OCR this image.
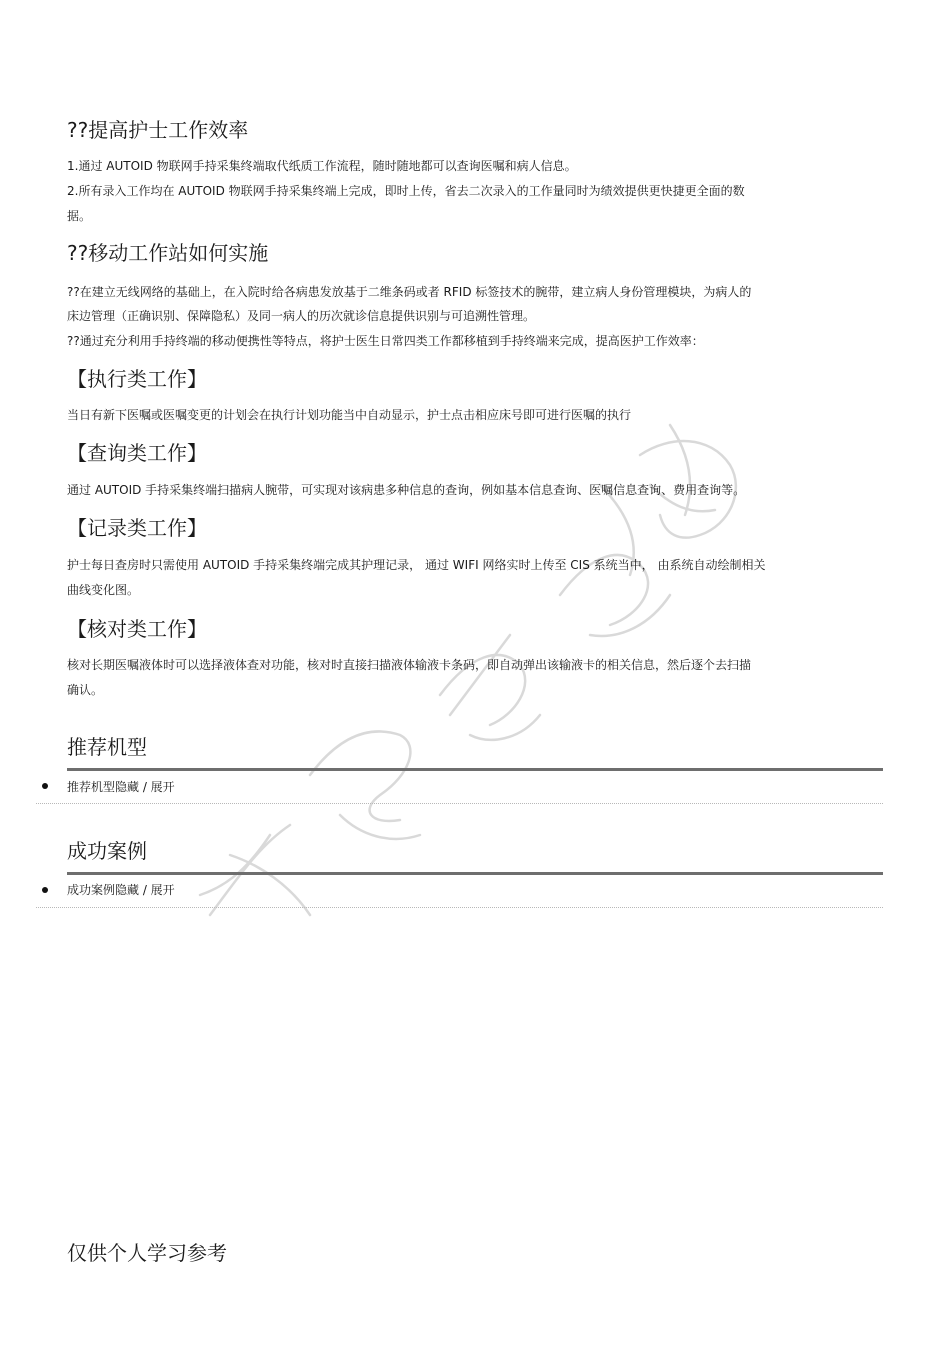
??提高护士工作效率
1.通过 AUTOID 物联网手持采集终端取代纸质工作流程，随时随地都可以查询医嘱和病人信息。
2.所有录入工作均在 AUTOID 物联网手持采集终端上完成，即时上传，省去二次录入的工作量同时为绩效提供更快捷更全面的数
据。
??移动工作站如何实施
??在建立无线网络的基础上，在入院时给各病患发放基于二维条码或者 RFID 标签技术的腕带，建立病人身份管理模块，为病人的
床边管理（正确识别、保障隐私）及同一病人的历次就诊信息提供识别与可追溯性管理。
??通过充分利用手持终端的移动便携性等特点，将护士医生日常四类工作都移植到手持终端来完成，提高医护工作效率：
【执行类工作】
当日有新下医嘱或医嘱变更的计划会在执行计划功能当中自动显示，护士点击相应床号即可进行医嘱的执行
【查询类工作】
通过 AUTOID 手持采集终端扫描病人腕带，可实现对该病患多种信息的查询，例如基本信息查询、医嘱信息查询、费用查询等。
【记录类工作】
护士每日查房时只需使用 AUTOID 手持采集终端完成其护理记录， 通过 WIFI 网络实时上传至 CIS 系统当中， 由系统自动绘制相关
曲线变化图。
【核对类工作】
核对长期医嘱液体时可以选择液体查对功能，核对时直接扫描液体输液卡条码，即自动弹出该输液卡的相关信息，然后逐个去扫描
确认。
推荐机型
推荐机型隐藏 / 展开
成功案例
成功案例隐藏 / 展开
仅供个人学习参考
